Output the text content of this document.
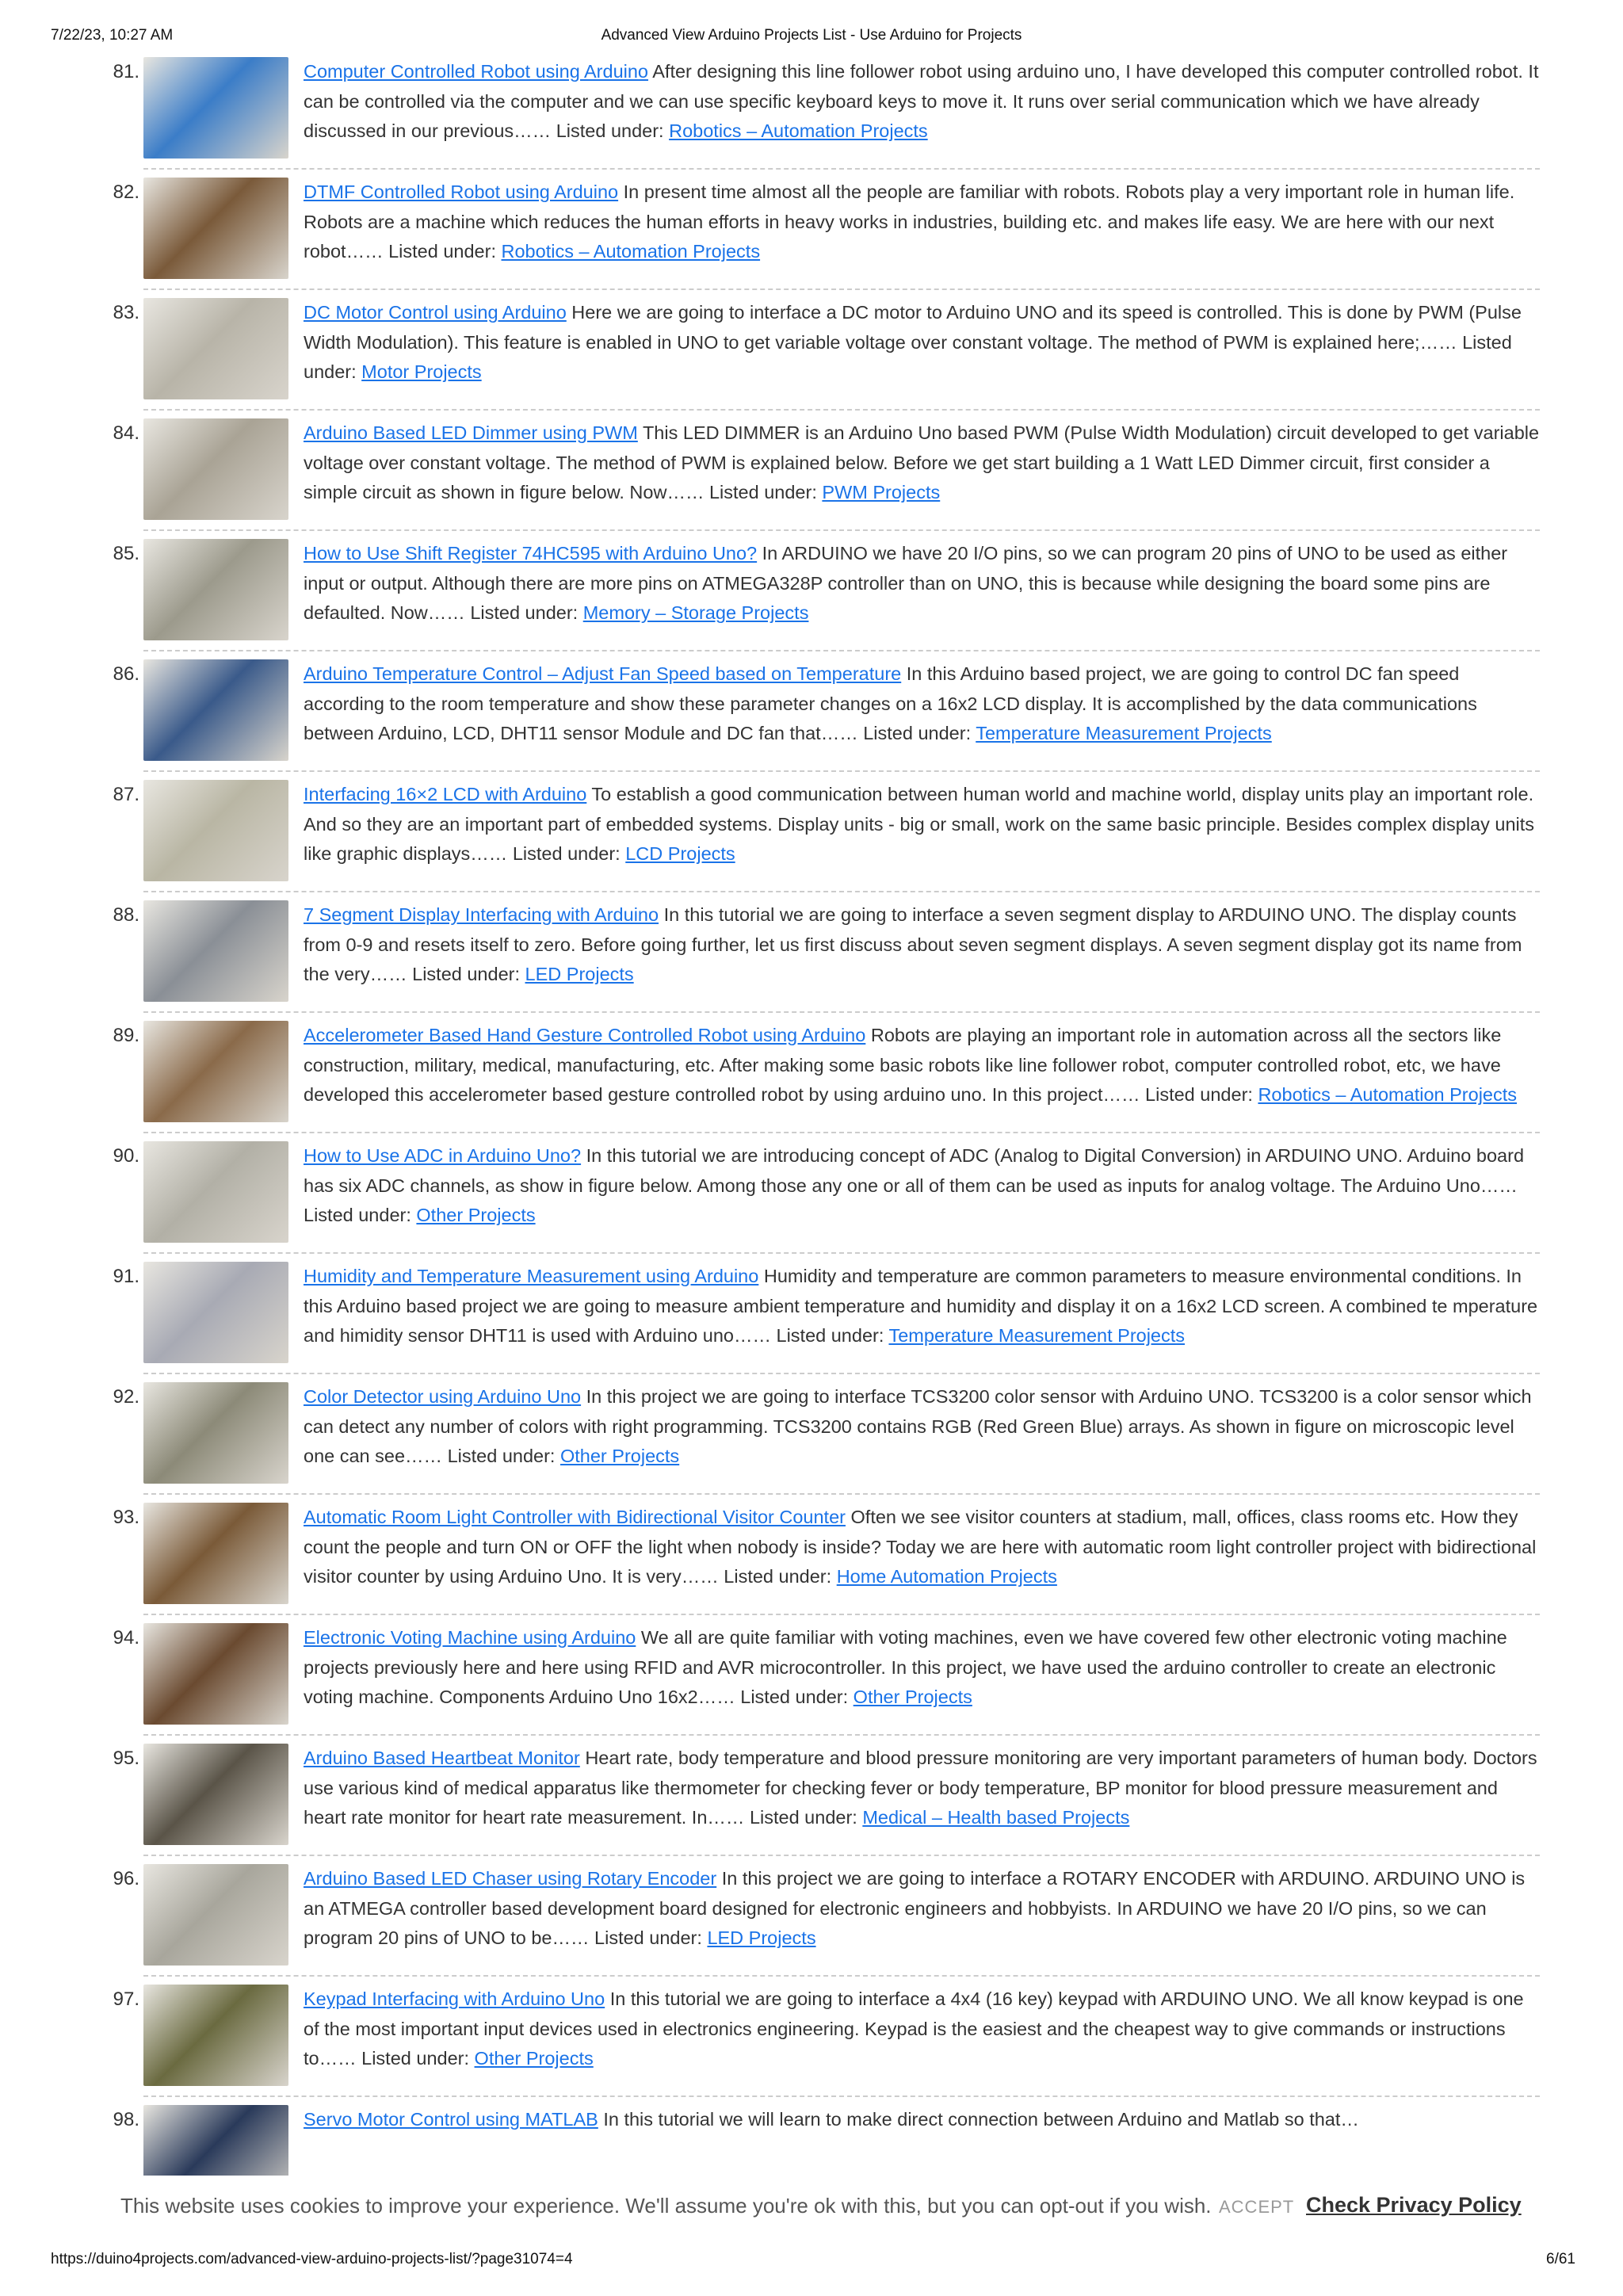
7/22/23, 10:27 AM	Advanced View Arduino Projects List - Use Arduino for Projects
81.	Computer Controlled Robot using Arduino After designing this line follower robot using arduino uno, I have developed this computer controlled robot. It can be controlled via the computer and we can use specific keyboard keys to move it. It runs over serial communication which we have already discussed in our previous…… Listed under: Robotics – Automation Projects
82.	DTMF Controlled Robot using Arduino In present time almost all the people are familiar with robots. Robots play a very important role in human life. Robots are a machine which reduces the human efforts in heavy works in industries, building etc. and makes life easy. We are here with our next robot…… Listed under: Robotics – Automation Projects
83.	DC Motor Control using Arduino Here we are going to interface a DC motor to Arduino UNO and its speed is controlled. This is done by PWM (Pulse Width Modulation). This feature is enabled in UNO to get variable voltage over constant voltage. The method of PWM is explained here;…… Listed under: Motor Projects
84.	Arduino Based LED Dimmer using PWM This LED DIMMER is an Arduino Uno based PWM (Pulse Width Modulation) circuit developed to get variable voltage over constant voltage. The method of PWM is explained below. Before we get start building a 1 Watt LED Dimmer circuit, first consider a simple circuit as shown in figure below. Now…… Listed under: PWM Projects
85.	How to Use Shift Register 74HC595 with Arduino Uno? In ARDUINO we have 20 I/O pins, so we can program 20 pins of UNO to be used as either input or output. Although there are more pins on ATMEGA328P controller than on UNO, this is because while designing the board some pins are defaulted. Now…… Listed under: Memory – Storage Projects
86.	Arduino Temperature Control – Adjust Fan Speed based on Temperature In this Arduino based project, we are going to control DC fan speed according to the room temperature and show these parameter changes on a 16x2 LCD display. It is accomplished by the data communications between Arduino, LCD, DHT11 sensor Module and DC fan that…… Listed under: Temperature Measurement Projects
87.	Interfacing 16×2 LCD with Arduino To establish a good communication between human world and machine world, display units play an important role. And so they are an important part of embedded systems. Display units - big or small, work on the same basic principle. Besides complex display units like graphic displays…… Listed under: LCD Projects
88.	7 Segment Display Interfacing with Arduino In this tutorial we are going to interface a seven segment display to ARDUINO UNO. The display counts from 0-9 and resets itself to zero. Before going further, let us first discuss about seven segment displays. A seven segment display got its name from the very…… Listed under: LED Projects
89.	Accelerometer Based Hand Gesture Controlled Robot using Arduino Robots are playing an important role in automation across all the sectors like construction, military, medical, manufacturing, etc. After making some basic robots like line follower robot, computer controlled robot, etc, we have developed this accelerometer based gesture controlled robot by using arduino uno. In this project…… Listed under: Robotics – Automation Projects
90.	How to Use ADC in Arduino Uno? In this tutorial we are introducing concept of ADC (Analog to Digital Conversion) in ARDUINO UNO. Arduino board has six ADC channels, as show in figure below. Among those any one or all of them can be used as inputs for analog voltage. The Arduino Uno…… Listed under: Other Projects
91.	Humidity and Temperature Measurement using Arduino Humidity and temperature are common parameters to measure environmental conditions. In this Arduino based project we are going to measure ambient temperature and humidity and display it on a 16x2 LCD screen. A combined te mperature and himidity sensor DHT11 is used with Arduino uno…… Listed under: Temperature Measurement Projects
92.	Color Detector using Arduino Uno In this project we are going to interface TCS3200 color sensor with Arduino UNO. TCS3200 is a color sensor which can detect any number of colors with right programming. TCS3200 contains RGB (Red Green Blue) arrays. As shown in figure on microscopic level one can see…… Listed under: Other Projects
93.	Automatic Room Light Controller with Bidirectional Visitor Counter Often we see visitor counters at stadium, mall, offices, class rooms etc. How they count the people and turn ON or OFF the light when nobody is inside? Today we are here with automatic room light controller project with bidirectional visitor counter by using Arduino Uno. It is very…… Listed under: Home Automation Projects
94.	Electronic Voting Machine using Arduino We all are quite familiar with voting machines, even we have covered few other electronic voting machine projects previously here and here using RFID and AVR microcontroller. In this project, we have used the arduino controller to create an electronic voting machine. Components Arduino Uno 16x2…… Listed under: Other Projects
95.	Arduino Based Heartbeat Monitor Heart rate, body temperature and blood pressure monitoring are very important parameters of human body. Doctors use various kind of medical apparatus like thermometer for checking fever or body temperature, BP monitor for blood pressure measurement and heart rate monitor for heart rate measurement. In…… Listed under: Medical – Health based Projects
96.	Arduino Based LED Chaser using Rotary Encoder In this project we are going to interface a ROTARY ENCODER with ARDUINO. ARDUINO UNO is an ATMEGA controller based development board designed for electronic engineers and hobbyists. In ARDUINO we have 20 I/O pins, so we can program 20 pins of UNO to be…… Listed under: LED Projects
97.	Keypad Interfacing with Arduino Uno In this tutorial we are going to interface a 4x4 (16 key) keypad with ARDUINO UNO. We all know keypad is one of the most important input devices used in electronics engineering. Keypad is the easiest and the cheapest way to give commands or instructions to…… Listed under: Other Projects
98.	Servo Motor Control using MATLAB In this tutorial we will learn to make direct connection between Arduino and Matlab so that…
This website uses cookies to improve your experience. We'll assume you're ok with this, but you can opt-out if you wish. ACCEPT Check Privacy Policy
https://duino4projects.com/advanced-view-arduino-projects-list/?page31074=4	6/61
